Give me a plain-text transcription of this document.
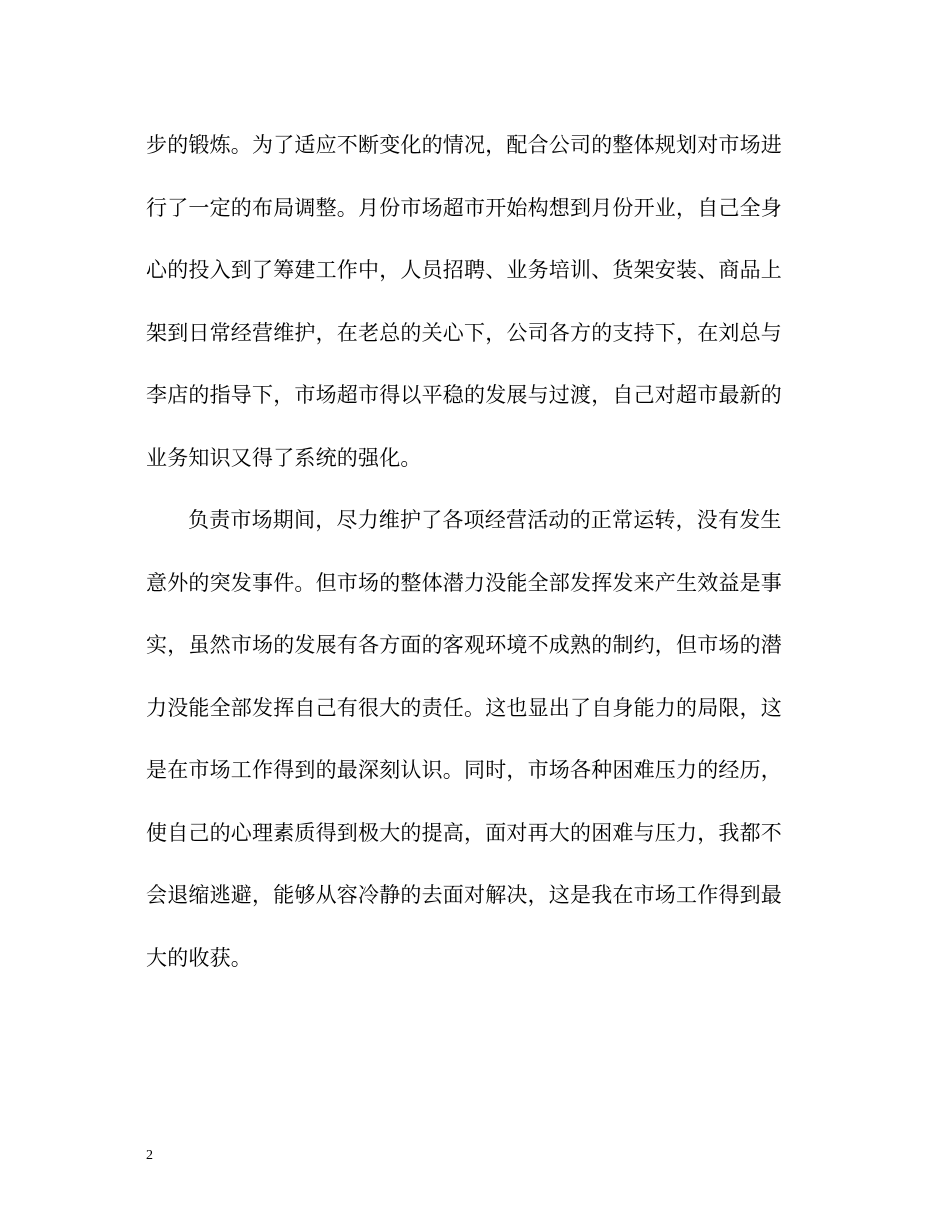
步的锻炼。为了适应不断变化的情况，配合公司的整体规划对市场进
行了一定的布局调整。月份市场超市开始构想到月份开业，自己全身
心的投入到了筹建工作中，人员招聘、业务培训、货架安装、商品上
架到日常经营维护，在老总的关心下，公司各方的支持下，在刘总与
李店的指导下，市场超市得以平稳的发展与过渡，自己对超市最新的
业务知识又得了系统的强化。
负责市场期间，尽力维护了各项经营活动的正常运转，没有发生
意外的突发事件。但市场的整体潜力没能全部发挥发来产生效益是事
实，虽然市场的发展有各方面的客观环境不成熟的制约，但市场的潜
力没能全部发挥自己有很大的责任。这也显出了自身能力的局限，这
是在市场工作得到的最深刻认识。同时，市场各种困难压力的经历，
使自己的心理素质得到极大的提高，面对再大的困难与压力，我都不
会退缩逃避，能够从容冷静的去面对解决，这是我在市场工作得到最
大的收获。
2
